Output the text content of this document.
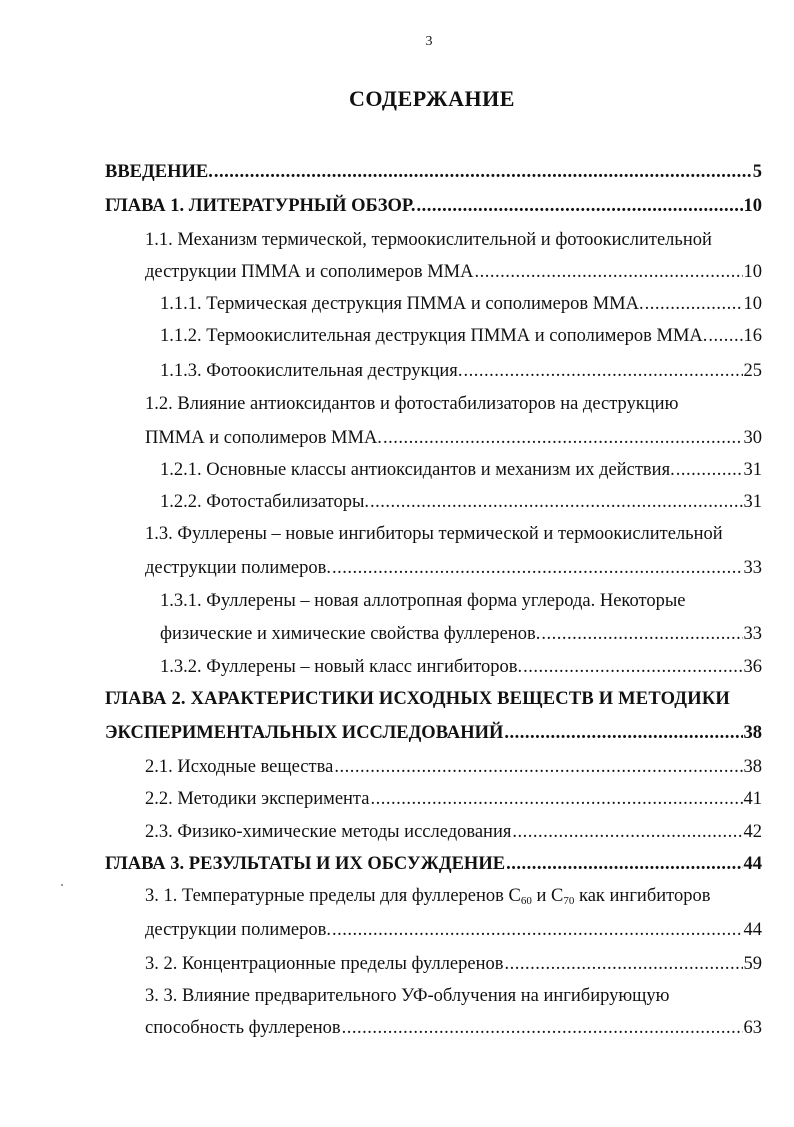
3
СОДЕРЖАНИЕ
ВВЕДЕНИЕ. .....	5
ГЛАВА 1. ЛИТЕРАТУРНЫЙ ОБЗОР. .....	10
1.1. Механизм термической, термоокислительной и фотоокислительной
деструкции ПММА и сополимеров ММА .....	10
1.1.1. Термическая деструкция ПММА и сополимеров ММА. .....	10
1.1.2. Термоокислительная деструкция ПММА и сополимеров ММА. ..... 16
1.1.3. Фотоокислительная деструкция. .....	25
1.2. Влияние антиоксидантов и фотостабилизаторов на деструкцию
ПММА и сополимеров ММА. .....	30
1.2.1. Основные классы антиоксидантов и механизм их действия. .....	31
1.2.2. Фотостабилизаторы. .....	31
1.3. Фуллерены – новые ингибиторы термической и термоокислительной
деструкции полимеров. .....	33
1.3.1. Фуллерены – новая аллотропная форма углерода. Некоторые
физические и химические свойства фуллеренов. .....	33
1.3.2. Фуллерены – новый класс ингибиторов. .....	36
ГЛАВА 2. ХАРАКТЕРИСТИКИ ИСХОДНЫХ ВЕЩЕСТВ И МЕТОДИКИ
ЭКСПЕРИМЕНТАЛЬНЫХ ИССЛЕДОВАНИЙ .....	38
2.1. Исходные вещества .....	38
2.2. Методики эксперимента .....	41
2.3. Физико-химические методы исследования .....	42
ГЛАВА 3. РЕЗУЛЬТАТЫ И ИХ ОБСУЖДЕНИЕ .....	44
3. 1. Температурные пределы для фуллеренов $С_{60}$ и $С_{70}$ как ингибиторов
деструкции полимеров. .....	44
3. 2. Концентрационные пределы фуллеренов .....	59
3. 3. Влияние предварительного УФ-облучения на ингибирующую
способность фуллеренов .....	63
